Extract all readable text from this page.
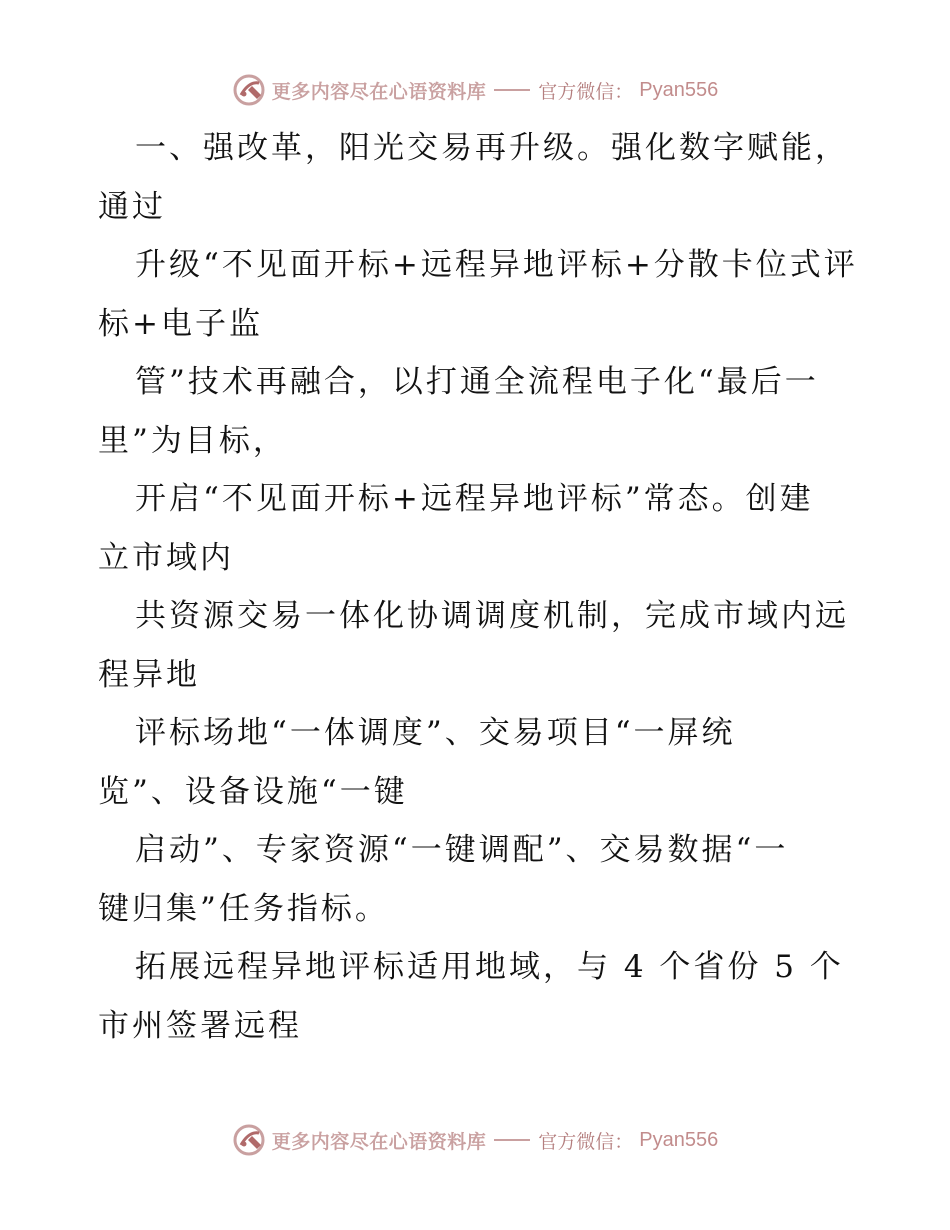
更多内容尽在心语资料库	官方微信： Pyan556
一、强改革，阳光交易再升级。强化数字赋能，
通过
升级“不见面开标+远程异地评标+分散卡位式评
标+电子监
管”技术再融合，以打通全流程电子化“最后一
里”为目标，
开启“不见面开标+远程异地评标”常态。创建
立市域内
共资源交易一体化协调调度机制，完成市域内远
程异地
评标场地“一体调度”、交易项目“一屏统
览”、设备设施“一键
启动”、专家资源“一键调配”、交易数据“一
键归集”任务指标。
拓展远程异地评标适用地域，与 4 个省份 5 个
市州签署远程
更多内容尽在心语资料库	官方微信： Pyan556
